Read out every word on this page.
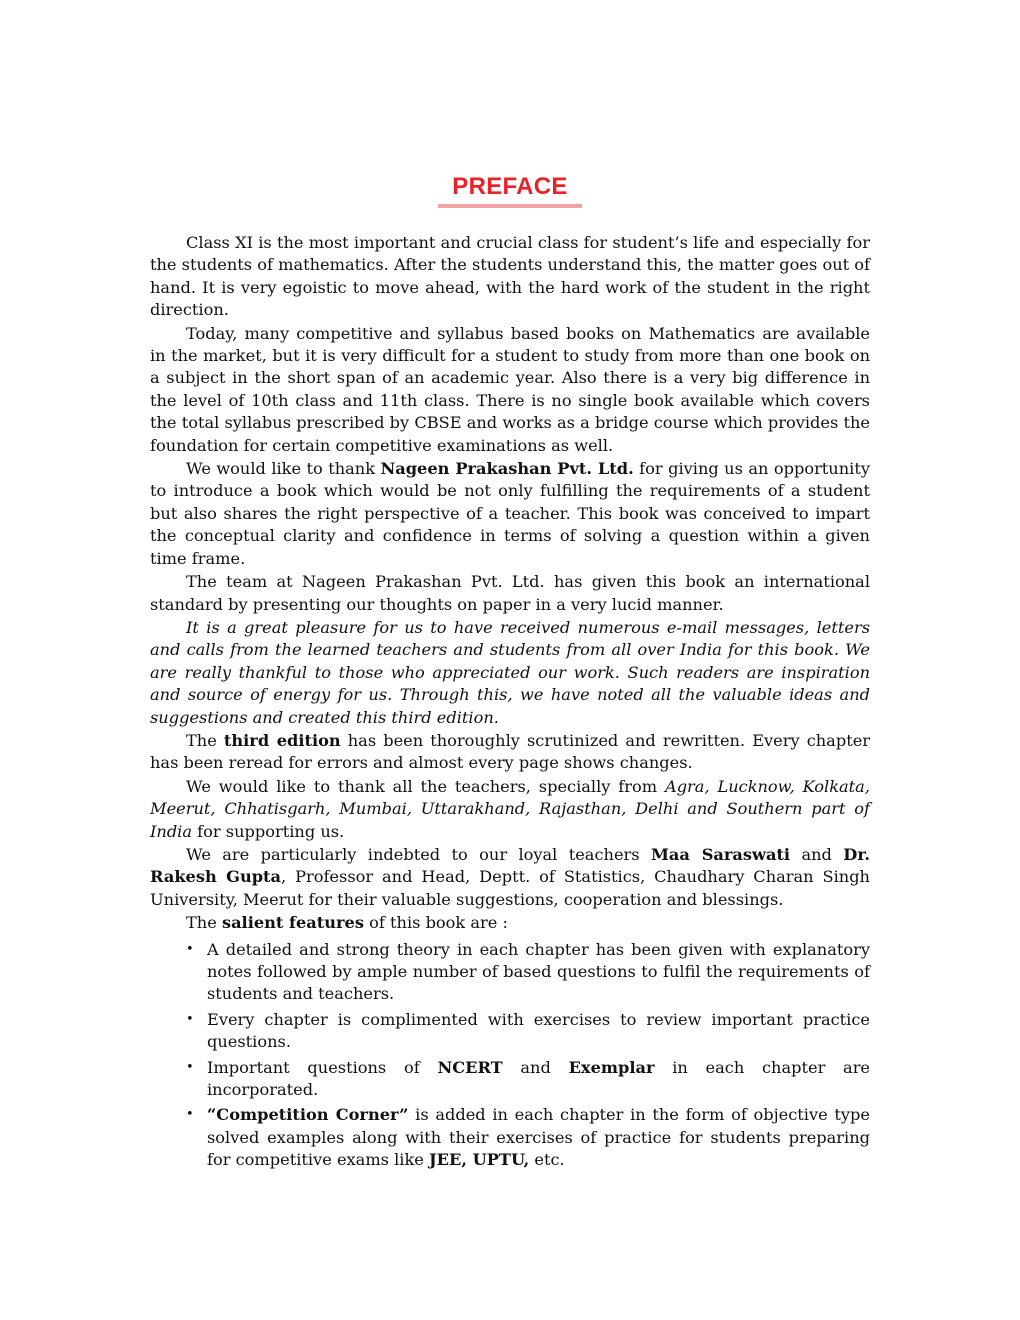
PREFACE

Class XI is the most important and crucial class for student’s life and especially for the students of mathematics. After the students understand this, the matter goes out of hand. It is very egoistic to move ahead, with the hard work of the student in the right direction.

Today, many competitive and syllabus based books on Mathematics are available in the market, but it is very difficult for a student to study from more than one book on a subject in the short span of an academic year. Also there is a very big difference in the level of 10th class and 11th class. There is no single book available which covers the total syllabus prescribed by CBSE and works as a bridge course which provides the foundation for certain competitive examinations as well.

We would like to thank Nageen Prakashan Pvt. Ltd. for giving us an opportunity to introduce a book which would be not only fulfilling the requirements of a student but also shares the right perspective of a teacher. This book was conceived to impart the conceptual clarity and confidence in terms of solving a question within a given time frame.

The team at Nageen Prakashan Pvt. Ltd. has given this book an international standard by presenting our thoughts on paper in a very lucid manner.

It is a great pleasure for us to have received numerous e-mail messages, letters and calls from the learned teachers and students from all over India for this book. We are really thankful to those who appreciated our work. Such readers are inspiration and source of energy for us. Through this, we have noted all the valuable ideas and suggestions and created this third edition.

The third edition has been thoroughly scrutinized and rewritten. Every chapter has been reread for errors and almost every page shows changes.

We would like to thank all the teachers, specially from Agra, Lucknow, Kolkata, Meerut, Chhatisgarh, Mumbai, Uttarakhand, Rajasthan, Delhi and Southern part of India for supporting us.

We are particularly indebted to our loyal teachers Maa Saraswati and Dr. Rakesh Gupta, Professor and Head, Deptt. of Statistics, Chaudhary Charan Singh University, Meerut for their valuable suggestions, cooperation and blessings.

The salient features of this book are :

• A detailed and strong theory in each chapter has been given with explanatory notes followed by ample number of based questions to fulfil the requirements of students and teachers.
• Every chapter is complimented with exercises to review important practice questions.
• Important questions of NCERT and Exemplar in each chapter are incorporated.
• “Competition Corner” is added in each chapter in the form of objective type solved examples along with their exercises of practice for students preparing for competitive exams like JEE, UPTU, etc.
